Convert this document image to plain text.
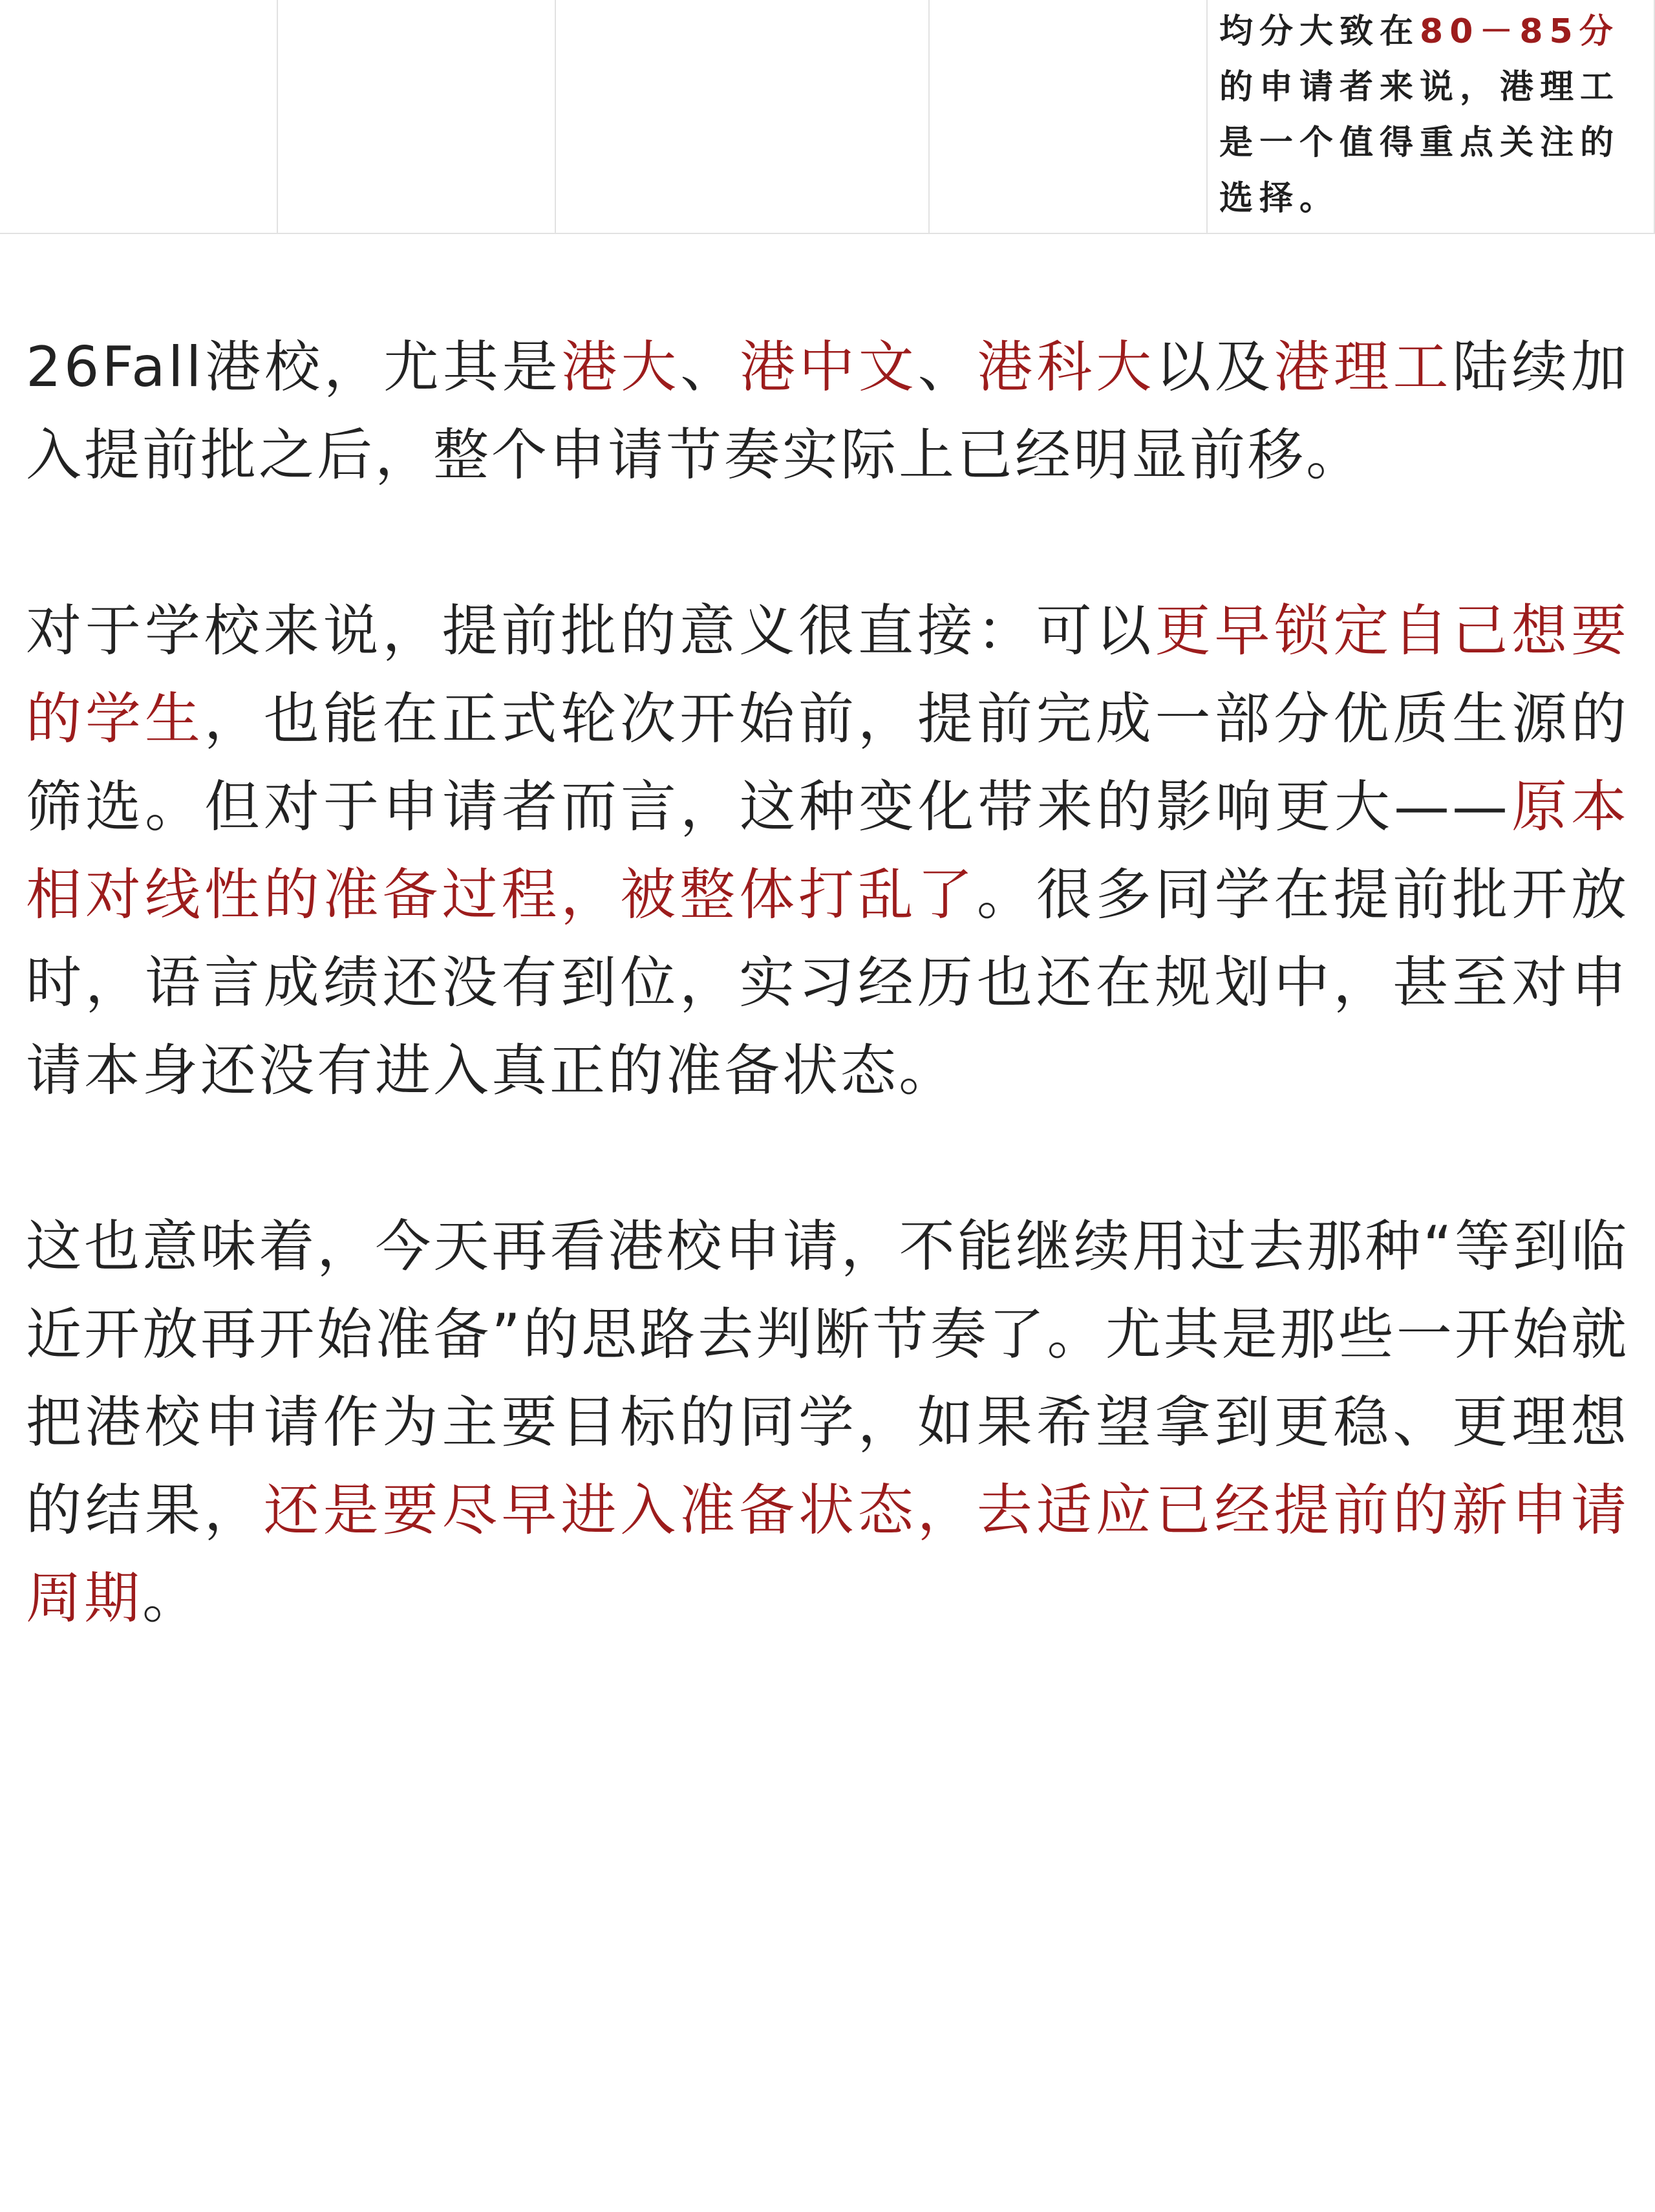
均分大致在80－85分的申请者来说，港理工是一个值得重点关注的选择。

26Fall港校，尤其是港大、港中文、港科大以及港理工陆续加入提前批之后，整个申请节奏实际上已经明显前移。

对于学校来说，提前批的意义很直接：可以更早锁定自己想要的学生，也能在正式轮次开始前，提前完成一部分优质生源的筛选。但对于申请者而言，这种变化带来的影响更大——原本相对线性的准备过程，被整体打乱了。很多同学在提前批开放时，语言成绩还没有到位，实习经历也还在规划中，甚至对申请本身还没有进入真正的准备状态。

这也意味着，今天再看港校申请，不能继续用过去那种“等到临近开放再开始准备”的思路去判断节奏了。尤其是那些一开始就把港校申请作为主要目标的同学，如果希望拿到更稳、更理想的结果，还是要尽早进入准备状态，去适应已经提前的新申请周期。
